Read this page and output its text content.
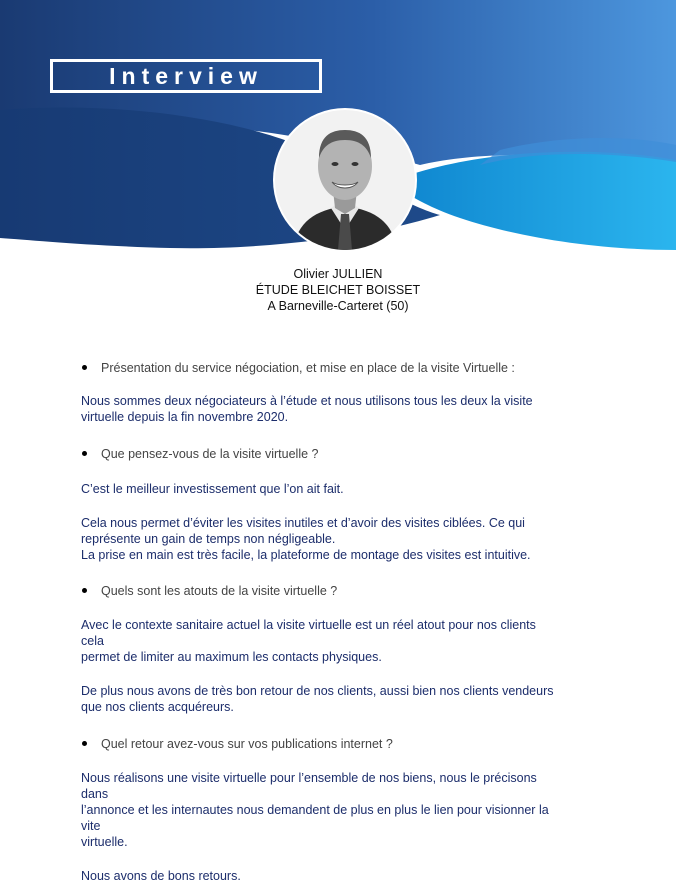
Interview
Olivier JULLIEN
ÉTUDE BLEICHET BOISSET
A Barneville-Carteret (50)
Présentation du service négociation, et mise en place de la visite Virtuelle :
Nous sommes deux négociateurs à l’étude et nous utilisons tous les deux la visite
virtuelle depuis la fin novembre 2020.
Que pensez-vous de la visite virtuelle ?
C’est le meilleur investissement que l’on ait fait.
Cela nous permet d’éviter les visites inutiles et d’avoir des visites ciblées. Ce qui
représente un gain de temps non négligeable.
La prise en main est très facile, la plateforme de montage des visites est intuitive.
Quels sont les atouts de la visite virtuelle ?
Avec le contexte sanitaire actuel la visite virtuelle est un réel atout pour nos clients cela
permet de limiter au maximum les contacts physiques.
De plus nous avons de très bon retour de nos clients, aussi bien nos clients vendeurs
que nos clients acquéreurs.
Quel retour avez-vous sur vos publications internet ?
Nous réalisons une visite virtuelle pour l’ensemble de nos biens, nous le précisons dans
l’annonce et les internautes nous demandent de plus en plus le lien pour visionner la vite
virtuelle.
Nous avons de bons retours.
